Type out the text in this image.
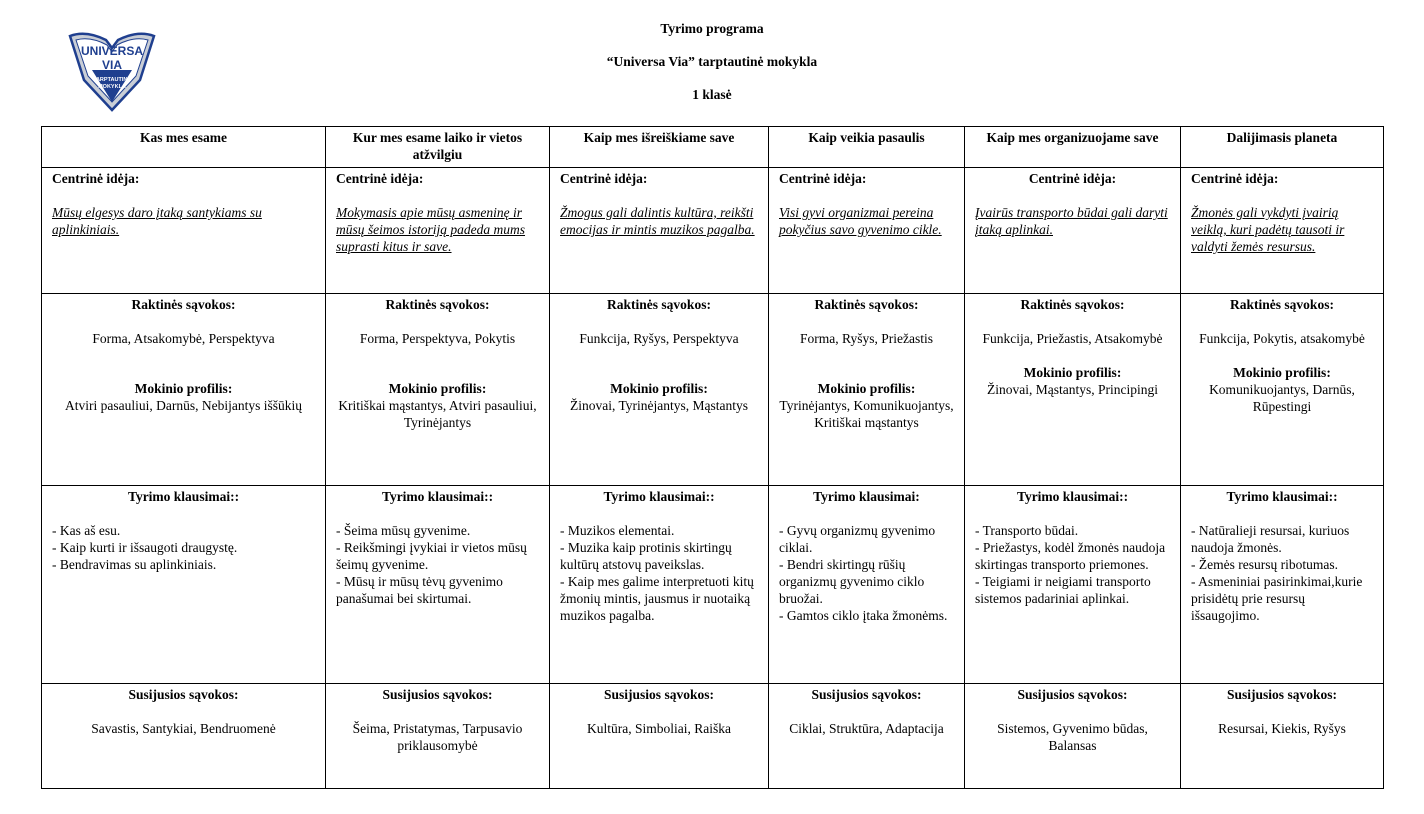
UNIVERSA
VIA
TARPTAUTINĖ
MOKYKLA
Tyrimo programa
“Universa Via” tarptautinė mokykla
1 klasė
Kas mes esame	Kur mes esame laiko ir vietos atžvilgiu	Kaip mes išreiškiame save	Kaip veikia pasaulis	Kaip mes organizuojame save	Dalijimasis planeta

Centrinė idėja:
Mūsų elgesys daro įtaką santykiams su aplinkiniais.	Centrinė idėja:
Mokymasis apie mūsų asmeninę ir mūsų šeimos istoriją padeda mums suprasti kitus ir save.	Centrinė idėja:
Žmogus gali dalintis kultūra, reikšti emocijas ir mintis muzikos pagalba.	Centrinė idėja:
Visi gyvi organizmai pereina pokyčius savo gyvenimo cikle.	Centrinė idėja:
Įvairūs transporto būdai gali daryti įtaką aplinkai.	Centrinė idėja:
Žmonės gali vykdyti įvairią veiklą, kuri padėtų tausoti ir valdyti žemės resursus.

Raktinės sąvokos:
Forma, Atsakomybė, Perspektyva
Mokinio profilis:
Atviri pasauliui, Darnūs, Nebijantys iššūkių	Raktinės sąvokos:
Forma, Perspektyva, Pokytis
Mokinio profilis:
Kritiškai mąstantys, Atviri pasauliui, Tyrinėjantys	Raktinės sąvokos:
Funkcija, Ryšys, Perspektyva
Mokinio profilis:
Žinovai, Tyrinėjantys, Mąstantys	Raktinės sąvokos:
Forma, Ryšys, Priežastis
Mokinio profilis:
Tyrinėjantys, Komunikuojantys, Kritiškai mąstantys	Raktinės sąvokos:
Funkcija, Priežastis, Atsakomybė
Mokinio profilis:
Žinovai, Mąstantys, Principingi	Raktinės sąvokos:
Funkcija, Pokytis, atsakomybė
Mokinio profilis:
Komunikuojantys, Darnūs, Rūpestingi

Tyrimo klausimai::
- Kas aš esu.
- Kaip kurti ir išsaugoti draugystę.
- Bendravimas su aplinkiniais.	Tyrimo klausimai::
- Šeima mūsų gyvenime.
- Reikšmingi įvykiai ir vietos mūsų šeimų gyvenime.
- Mūsų ir mūsų tėvų gyvenimo panašumai bei skirtumai.	Tyrimo klausimai::
- Muzikos elementai.
- Muzika kaip protinis skirtingų kultūrų atstovų paveikslas.
- Kaip mes galime interpretuoti kitų žmonių mintis, jausmus ir nuotaiką muzikos pagalba.	Tyrimo klausimai:
- Gyvų organizmų gyvenimo ciklai.
- Bendri skirtingų rūšių organizmų gyvenimo ciklo bruožai.
- Gamtos ciklo įtaka žmonėms.	Tyrimo klausimai::
- Transporto būdai.
- Priežastys, kodėl žmonės naudoja skirtingas transporto priemones.
- Teigiami ir neigiami transporto sistemos padariniai aplinkai.	Tyrimo klausimai::
- Natūralieji resursai, kuriuos naudoja žmonės.
- Žemės resursų ribotumas.
- Asmeniniai pasirinkimai,kurie prisidėtų prie resursų išsaugojimo.

Susijusios sąvokos:
Savastis, Santykiai, Bendruomenė	Susijusios sąvokos:
Šeima, Pristatymas, Tarpusavio priklausomybė	Susijusios sąvokos:
Kultūra, Simboliai, Raiška	Susijusios sąvokos:
Ciklai, Struktūra, Adaptacija	Susijusios sąvokos:
Sistemos, Gyvenimo būdas, Balansas	Susijusios sąvokos:
Resursai, Kiekis, Ryšys
